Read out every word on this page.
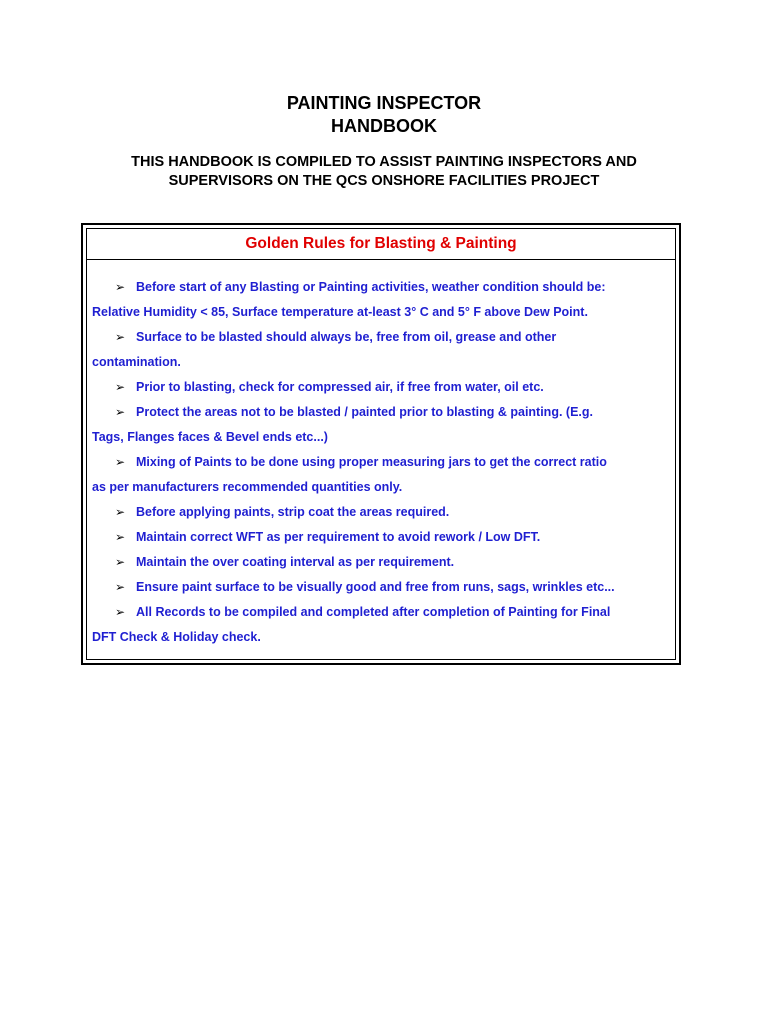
PAINTING INSPECTOR
HANDBOOK

THIS HANDBOOK IS COMPILED TO ASSIST PAINTING INSPECTORS AND

SUPERVISORS ON THE QCS ONSHORE FACILITIES PROJECT

Golden Rules for Blasting & Painting
➢ Before start of any Blasting or Painting activities, weather condition should be:
Relative Humidity < 85, Surface temperature at-least 3° C and 5° F above Dew Point.
➢ Surface to be blasted should always be, free from oil, grease and other
contamination.
➢ Prior to blasting, check for compressed air, if free from water, oil etc.
➢ Protect the areas not to be blasted / painted prior to blasting & painting. (E.g.
Tags, Flanges faces & Bevel ends etc...)
➢ Mixing of Paints to be done using proper measuring jars to get the correct ratio
as per manufacturers recommended quantities only.
➢ Before applying paints, strip coat the areas required.
➢ Maintain correct WFT as per requirement to avoid rework / Low DFT.
➢ Maintain the over coating interval as per requirement.
➢ Ensure paint surface to be visually good and free from runs, sags, wrinkles etc...
➢ All Records to be compiled and completed after completion of Painting for Final
DFT Check & Holiday check.
